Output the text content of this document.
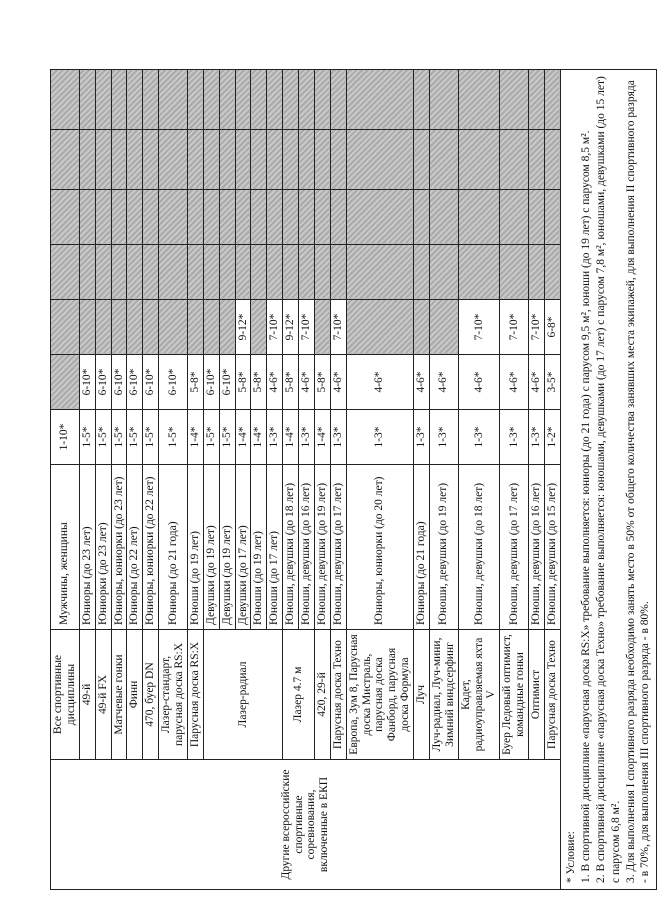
Другие всероссийские спортивные соревнования, включенные в ЕКП	Все спортивные дисциплины	Мужчины, женщины	1-10*							
	49-й	Юниоры (до 23 лет)	1-5*	6-10*						
	49-й FX	Юниорки (до 23 лет)	1-5*	6-10*						
	Матчевые гонки	Юниоры, юниорки (до 23 лет)	1-5*	6-10*						
	Финн	Юниоры (до 22 лет)	1-5*	6-10*						
	470, буер DN	Юниоры, юниорки (до 22 лет)	1-5*	6-10*						
	Лазер-стандарт, парусная доска RS:X	Юниоры (до 21 года)	1-5*	6-10*						
	Парусная доска RS:X	Юноши (до 19 лет)	1-4*	5-8*						
	Лазер-радиал	Девушки (до 19 лет)	1-5*	6-10*						
		Девушки (до 19 лет)	1-5*	6-10*						
		Девушки (до 17 лет)	1-4*	5-8*	9-12*					
		Юноши (до 19 лет)	1-4*	5-8*						
		Юноши (до 17 лет)	1-3*	4-6*	7-10*					
	Лазер 4.7 м	Юноши, девушки (до 18 лет)	1-4*	5-8*	9-12*					
		Юноши, девушки (до 16 лет)	1-3*	4-6*	7-10*					
	420, 29-й	Юноши, девушки (до 19 лет)	1-4*	5-8*						
	Парусная доска Техно	Юноши, девушки (до 17 лет)	1-3*	4-6*	7-10*					
	Европа, Зум 8, Парусная доска Мистраль, парусная доска Фанборд, парусная доска Формула	Юниоры, юниорки (до 20 лет)	1-3*	4-6*						
	Луч	Юниоры (до 21 года)	1-3*	4-6*						
	Луч-радиал, Луч-мини, Зимний виндсерфинг	Юноши, девушки (до 19 лет)	1-3*	4-6*						
	Кадет, радиоуправляемая яхта V	Юноши, девушки (до 18 лет)	1-3*	4-6*	7-10*					
	Буер Ледовый оптимист, командные гонки	Юноши, девушки (до 17 лет)	1-3*	4-6*	7-10*					
	Оптимист	Юноши, девушки (до 16 лет)	1-3*	4-6*	7-10*					
	Парусная доска Техно	Юноши, девушки (до 15 лет)	1-2*	3-5*	6-8*					

* Условие: 1. В спортивной дисциплине «парусная доска RS:X» требование выполняется: юниоры (до 21 года) с парусом 9,5 м², юноши (до 19 лет) с парусом 8,5 м². 2. В спортивной дисциплине «парусная доска Техно» требование выполняется: юношами, девушками (до 17 лет) с парусом 7,8 м², юношами, девушками (до 15 лет) с парусом 6,8 м². 3. Для выполнения I спортивного разряда необходимо занять место в 50% от общего количества занявших места экипажей, для выполнения II спортивного разряда - в 70%, для выполнения III спортивного разряда - в 80%.										
